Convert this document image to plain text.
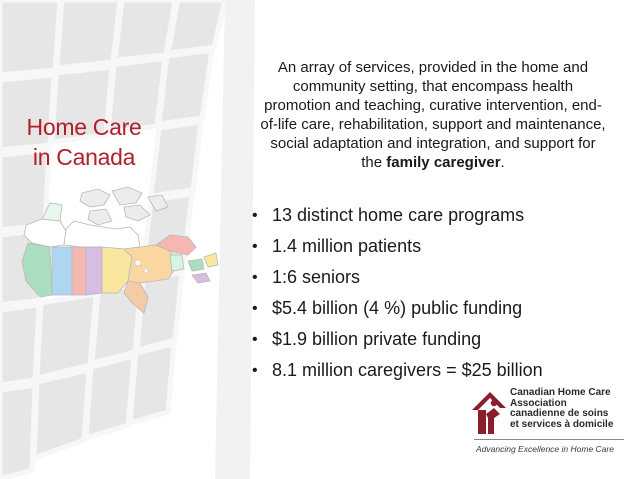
Home Care
in Canada
An array of services, provided in the home and community setting, that encompass health promotion and teaching, curative intervention, end-of-life care, rehabilitation, support and maintenance, social adaptation and integration, and support for the family caregiver.
• 13 distinct home care programs
• 1.4 million patients
• 1:6 seniors
• $5.4 billion (4 %) public funding
• $1.9 billion private funding
• 8.1 million caregivers = $25 billion
Canadian Home Care
Association
canadienne de soins
et services à domicile
Advancing Excellence in Home Care
